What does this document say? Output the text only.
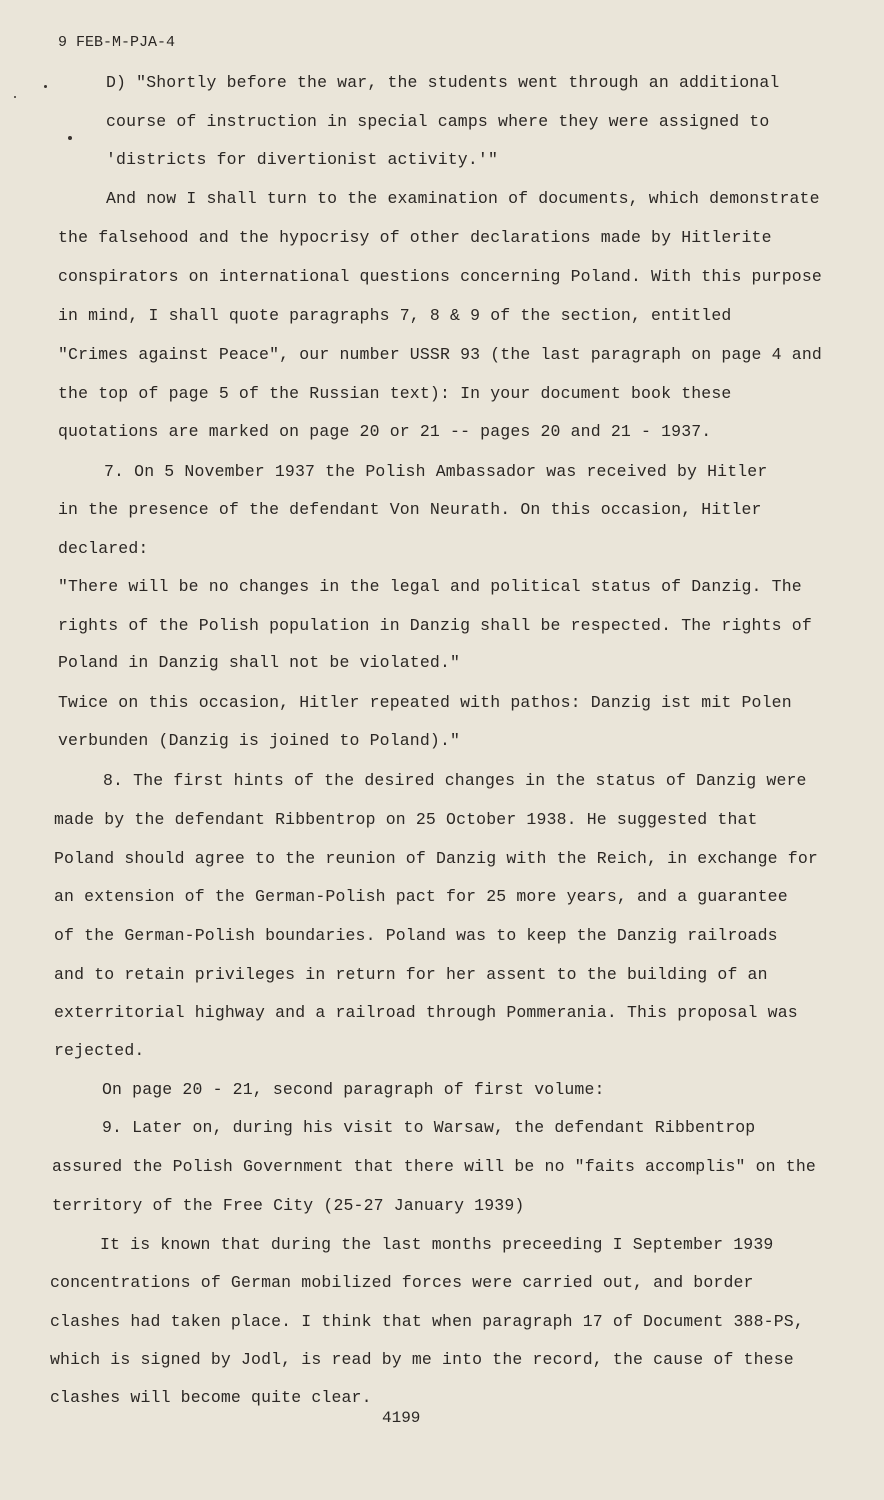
9 FEB-M-PJA-4
D) "Shortly before the war, the students went through an additional
course of instruction in special camps where they were assigned to
'districts for divertionist activity.'"
And now I shall turn to the examination of documents, which demonstrate
the falsehood and the hypocrisy of other declarations made by Hitlerite
conspirators on international questions concerning Poland. With this purpose
in mind, I shall quote paragraphs 7, 8 & 9 of the section, entitled
"Crimes against Peace", our number USSR 93 (the last paragraph on page 4 and
the top of page 5 of the Russian text): In your document book these
quotations are marked on page 20 or 21 -- pages 20 and 21 - 1937.
7. On 5 November 1937 the Polish Ambassador was received by Hitler
in the presence of the defendant Von Neurath. On this occasion, Hitler
declared:
"There will be no changes in the legal and political status of Danzig. The
rights of the Polish population in Danzig shall be respected. The rights of
Poland in Danzig shall not be violated."
Twice on this occasion, Hitler repeated with pathos: Danzig ist mit Polen
verbunden (Danzig is joined to Poland)."
8. The first hints of the desired changes in the status of Danzig were
made by the defendant Ribbentrop on 25 October 1938. He suggested that
Poland should agree to the reunion of Danzig with the Reich, in exchange for
an extension of the German-Polish pact for 25 more years, and a guarantee
of the German-Polish boundaries. Poland was to keep the Danzig railroads
and to retain privileges in return for her assent to the building of an
exterritorial highway and a railroad through Pommerania. This proposal was
rejected.
On page 20 - 21, second paragraph of first volume:
9. Later on, during his visit to Warsaw, the defendant Ribbentrop
assured the Polish Government that there will be no "faits accomplis" on the
territory of the Free City (25-27 January 1939)
It is known that during the last months preceeding I September 1939
concentrations of German mobilized forces were carried out, and border
clashes had taken place. I think that when paragraph 17 of Document 388-PS,
which is signed by Jodl, is read by me into the record, the cause of these
clashes will become quite clear.
4199
